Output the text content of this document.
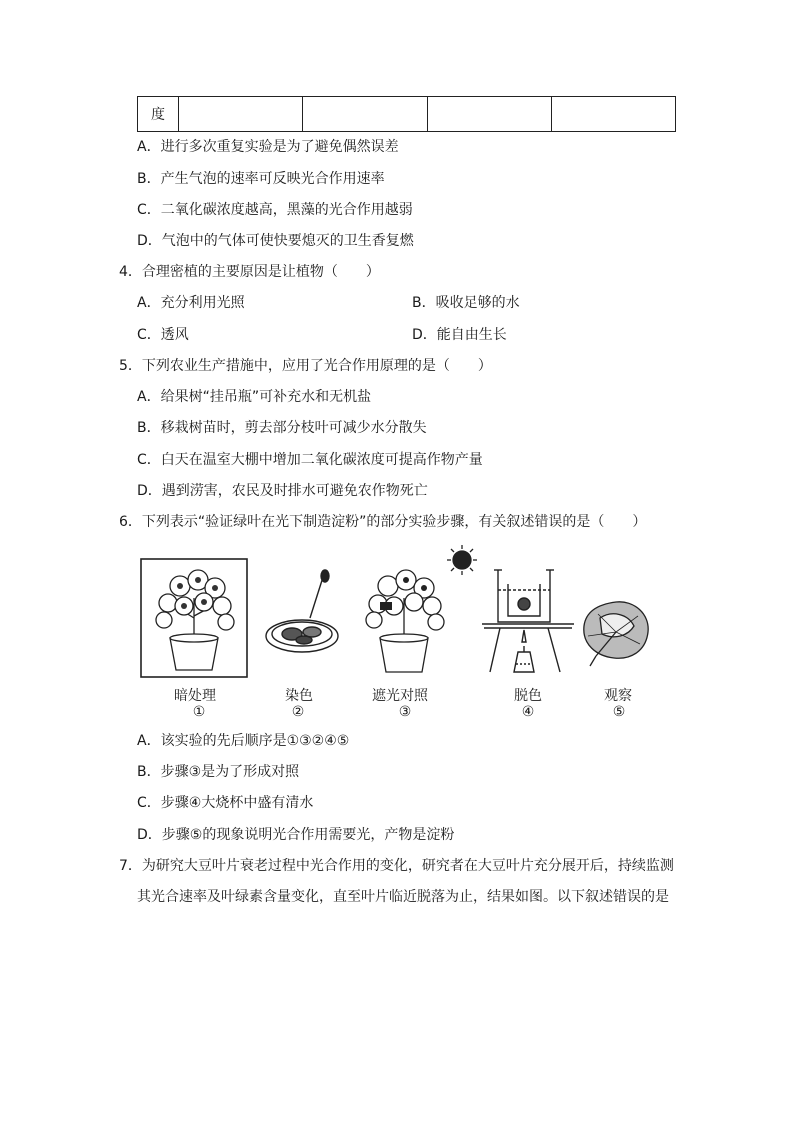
度				
A．进行多次重复实验是为了避免偶然误差
B．产生气泡的速率可反映光合作用速率
C．二氧化碳浓度越高，黑藻的光合作用越弱
D．气泡中的气体可使快要熄灭的卫生香复燃
4．合理密植的主要原因是让植物（　　）
A．充分利用光照	B．吸收足够的水
C．透风	D．能自由生长
5．下列农业生产措施中，应用了光合作用原理的是（　　）
A．给果树“挂吊瓶”可补充水和无机盐
B．移栽树苗时，剪去部分枝叶可减少水分散失
C．白天在温室大棚中增加二氧化碳浓度可提高作物产量
D．遇到涝害，农民及时排水可避免农作物死亡
6．下列表示“验证绿叶在光下制造淀粉”的部分实验步骤，有关叙述错误的是（　　）
暗处理	染色	遮光对照	脱色	观察
①	②	③	④	⑤
A．该实验的先后顺序是①③②④⑤
B．步骤③是为了形成对照
C．步骤④大烧杯中盛有清水
D．步骤⑤的现象说明光合作用需要光，产物是淀粉
7．为研究大豆叶片衰老过程中光合作用的变化，研究者在大豆叶片充分展开后，持续监测
其光合速率及叶绿素含量变化，直至叶片临近脱落为止，结果如图。以下叙述错误的是
